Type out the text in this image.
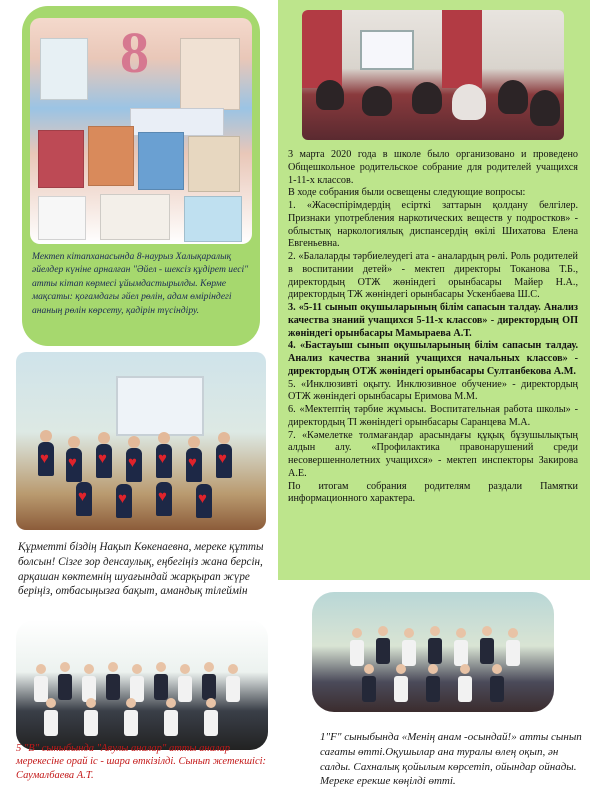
8
Мектеп кітапханасында 8-наурыз Халықаралық әйелдер күніне арналған "Әйел - шексіз құдірет иесі" атты кітап көрмесі ұйымдастырылды. Көрме мақсаты: қоғамдағы әйел рөлін, адам өміріндегі ананың рөлін көрсету, қадірін түсіндіру.

3 марта 2020 года в школе было организовано и проведено Общешкольное родительское собрание для родителей учащихся 1-11-х классов.

В ходе собрания были освещены следующие вопросы:

1. «Жасөспірімдердің есірткі заттарын қолдану белгілер. Признаки употребления наркотических веществ у подростков» - облыстық наркологиялық диспансердің өкілі Шихатова Елена Евгеньевна.

2. «Балаларды тәрбиелеудегі ата - аналардың рөлі. Роль родителей в воспитании детей» - мектеп директоры Токанова Т.Б., директордың ОТЖ жөніндегі орынбасары Майер Н.А., директордың ТЖ жөніндегі орынбасары Ускенбаева Ш.С.

3. «5-11 сынып оқушыларының білім сапасын талдау. Анализ качества знаний учащихся 5-11-х классов» - директордың ОП жөніндегі орынбасары Мамыраева А.Т.

4. «Бастауыш сынып оқушыларының білім сапасын талдау. Анализ качества знаний учащихся начальных классов» - директордың ОТЖ жөніндегі орынбасары Султанбекова А.М.

5. «Инклюзивті оқыту. Инклюзивное обучение» - директордың ОТЖ жөніндегі орынбасары Еримова М.М.

6. «Мектептің тәрбие жұмысы. Воспитательная работа школы» - директордың ТІ жөніндегі орынбасары Саранцева М.А.

7. «Кәмелетке толмағандар арасындағы құқық бұзушылықтың алдын алу. «Профилактика правонарушений среди несовершеннолетних учащихся» - мектеп инспекторы Закирова А.Е.

По итогам собрания родителям раздали Памятки информационного характера.

♥ ♥ ♥ ♥ ♥ ♥ ♥
♥ ♥ ♥ ♥
Құрметті біздің Нақып Көкенаевна, мереке құтты болсын! Сізге зор денсаулық, еңбегіңіз жана берсін, арқашан көктемнің шуағындай жарқырап жүре беріңіз, отбасыңызға бақыт, амандық тілеймін
5 "В" сыныбында "Аяулы аналар" атты аналар мерекесіне орай іс - шара өткізілді. Сынып жетекшісі: Саумалбаева А.Т.
1"F" сыныбында «Менің анам -осындай!» атты сынып сағаты өтті.Оқушылар ана туралы өлең оқып, ән салды. Сахналық қойылым көрсетіп, ойындар ойнады. Мереке ерекше көңілді өтті.
